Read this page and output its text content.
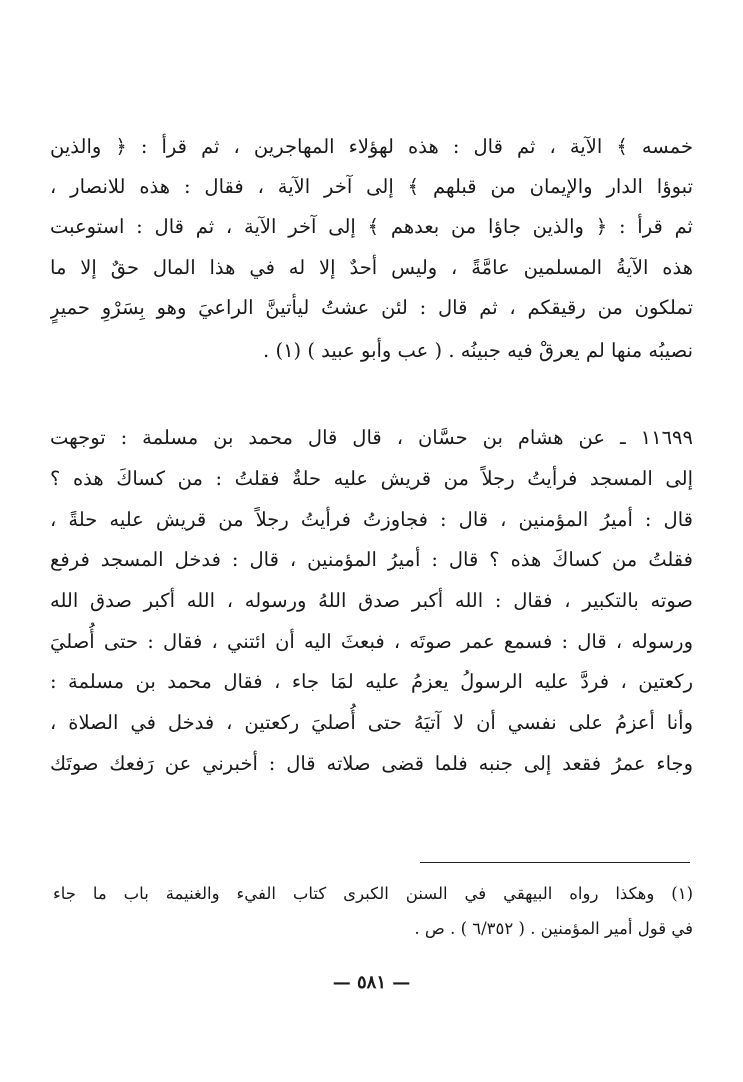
خمسه ﴾ الآية ، ثم قال : هذه لهؤلاء المهاجرين ، ثم قرأ : ﴿ والذين
تبوؤا الدار والإيمان من قبلهم ﴾ إلى آخر الآية ، فقال : هذه للانصار ،
ثم قرأ : ﴿ والذين جاؤا من بعدهم ﴾ إلى آخر الآية ، ثم قال : استوعبت
هذه الآيةُ المسلمين عامَّةً ، وليس أحدٌ إلا له في هذا المال حقٌ إلا ما
تملكون من رقيقكم ، ثم قال : لئن عشتُ ليأتينَّ الراعيَ وهو بِسَرْوِ حميرٍ
نصيبُه منها لم يعرقْ فيه جبينُه . ( عب وأبو عبيد ) (١) .
١١٦٩٩ ـ عن هشام بن حسَّان ، قال قال محمد بن مسلمة : توجهت
إلى المسجد فرأيتُ رجلاً من قريش عليه حلةٌ فقلتُ : من كساكَ هذه ؟
قال : أميرُ المؤمنين ، قال : فجاوزتُ فرأيتُ رجلاً من قريش عليه حلةً ،
فقلتُ من كساكَ هذه ؟ قال : أميرُ المؤمنين ، قال : فدخل المسجد فرفع
صوته بالتكبير ، فقال : الله أكبر صدق اللهُ ورسوله ، الله أكبر صدق الله
ورسوله ، قال : فسمع عمر صوتَه ، فبعثَ اليه أن ائتني ، فقال : حتى أُصليَ
ركعتين ، فردَّ عليه الرسولُ يعزمُ عليه لمَا جاء ، فقال محمد بن مسلمة :
وأنا أعزمُ على نفسي أن لا آتيَهُ حتى أُصليَ ركعتين ، فدخل في الصلاة ،
وجاء عمرُ فقعد إلى جنبه فلما قضى صلاته قال : أخبرني عن رَفعك صوتَك
(١) وهكذا رواه البيهقي في السنن الكبرى كتاب الفيء والغنيمة باب ما جاء
في قول أمير المؤمنين . ( ٦/٣٥٢ ) . ص .
— ٥٨١ —
